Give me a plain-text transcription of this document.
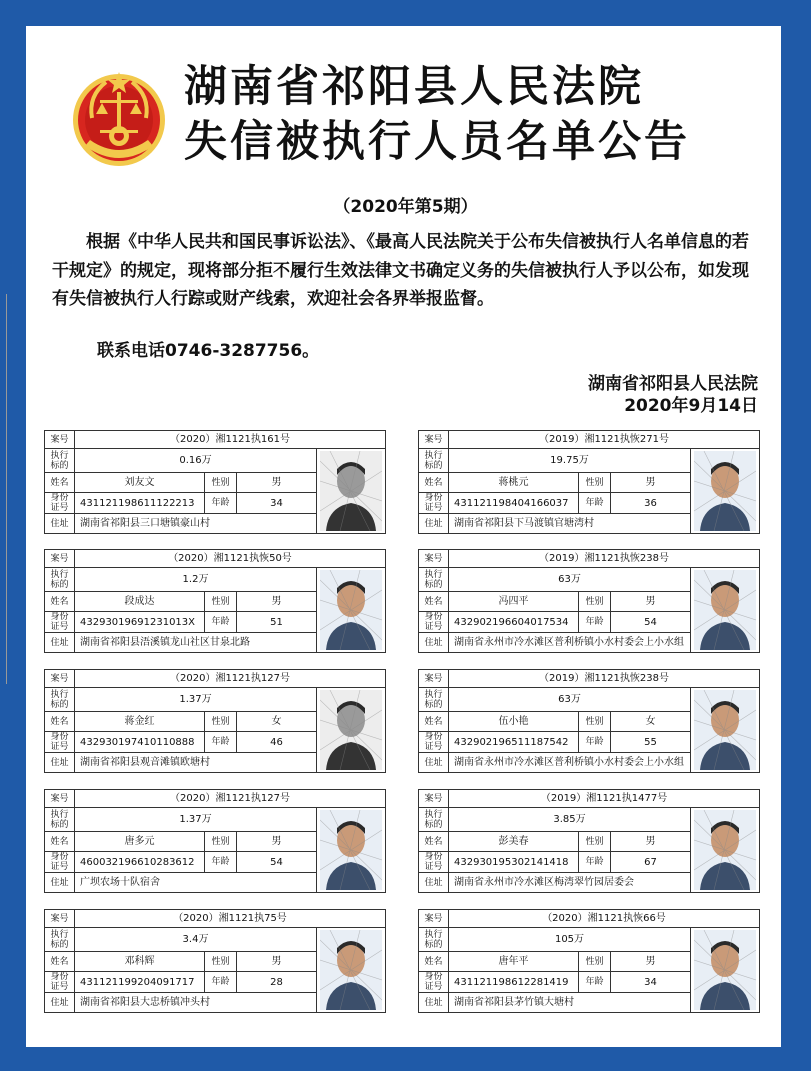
湖南省祁阳县人民法院
失信被执行人员名单公告
（2020年第5期）

根据《中华人民共和国民事诉讼法》、《最高人民法院关于公布失信被执行人名单信息的若干规定》的规定，现将部分拒不履行生效法律文书确定义务的失信被执行人予以公布，如发现有失信被执行人行踪或财产线索，欢迎社会各界举报监督。

联系电话0746-3287756。
湖南省祁阳县人民法院
2020年9月14日
案号	（2020）湘1121执161号			
执行
标的	0.16万	

姓名	刘友文	性别	男	
身份
证号	431121198611122213	年龄	34	
住址	湖南省祁阳县三口塘镇豪山村			
案号	（2019）湘1121执恢271号			
执行
标的	19.75万	

姓名	蒋桃元	性别	男	
身份
证号	431121198404166037	年龄	36	
住址	湖南省祁阳县下马渡镇官塘湾村			
案号	（2020）湘1121执恢50号			
执行
标的	1.2万	

姓名	段成达	性别	男	
身份
证号	43293019691231013X	年龄	51	
住址	湖南省祁阳县浯溪镇龙山社区甘泉北路			
案号	（2019）湘1121执恢238号			
执行
标的	63万	

姓名	冯四平	性别	男	
身份
证号	432902196604017534	年龄	54	
住址	湖南省永州市冷水滩区普利桥镇小水村委会上小水组			
案号	（2020）湘1121执127号			
执行
标的	1.37万	

姓名	蒋金红	性别	女	
身份
证号	432930197410110888	年龄	46	
住址	湖南省祁阳县观音滩镇欧塘村			
案号	（2019）湘1121执恢238号			
执行
标的	63万	

姓名	伍小艳	性别	女	
身份
证号	432902196511187542	年龄	55	
住址	湖南省永州市冷水滩区普利桥镇小水村委会上小水组			
案号	（2020）湘1121执127号			
执行
标的	1.37万	

姓名	唐多元	性别	男	
身份
证号	460032196610283612	年龄	54	
住址	广坝农场十队宿舍			
案号	（2019）湘1121执1477号			
执行
标的	3.85万	

姓名	彭美春	性别	男	
身份
证号	432930195302141418	年龄	67	
住址	湖南省永州市冷水滩区梅湾翠竹园居委会			
案号	（2020）湘1121执75号			
执行
标的	3.4万	

姓名	邓科辉	性别	男	
身份
证号	431121199204091717	年龄	28	
住址	湖南省祁阳县大忠桥镇冲头村			
案号	（2020）湘1121执恢66号			
执行
标的	105万	

姓名	唐年平	性别	男	
身份
证号	431121198612281419	年龄	34	
住址	湖南省祁阳县茅竹镇大塘村			
